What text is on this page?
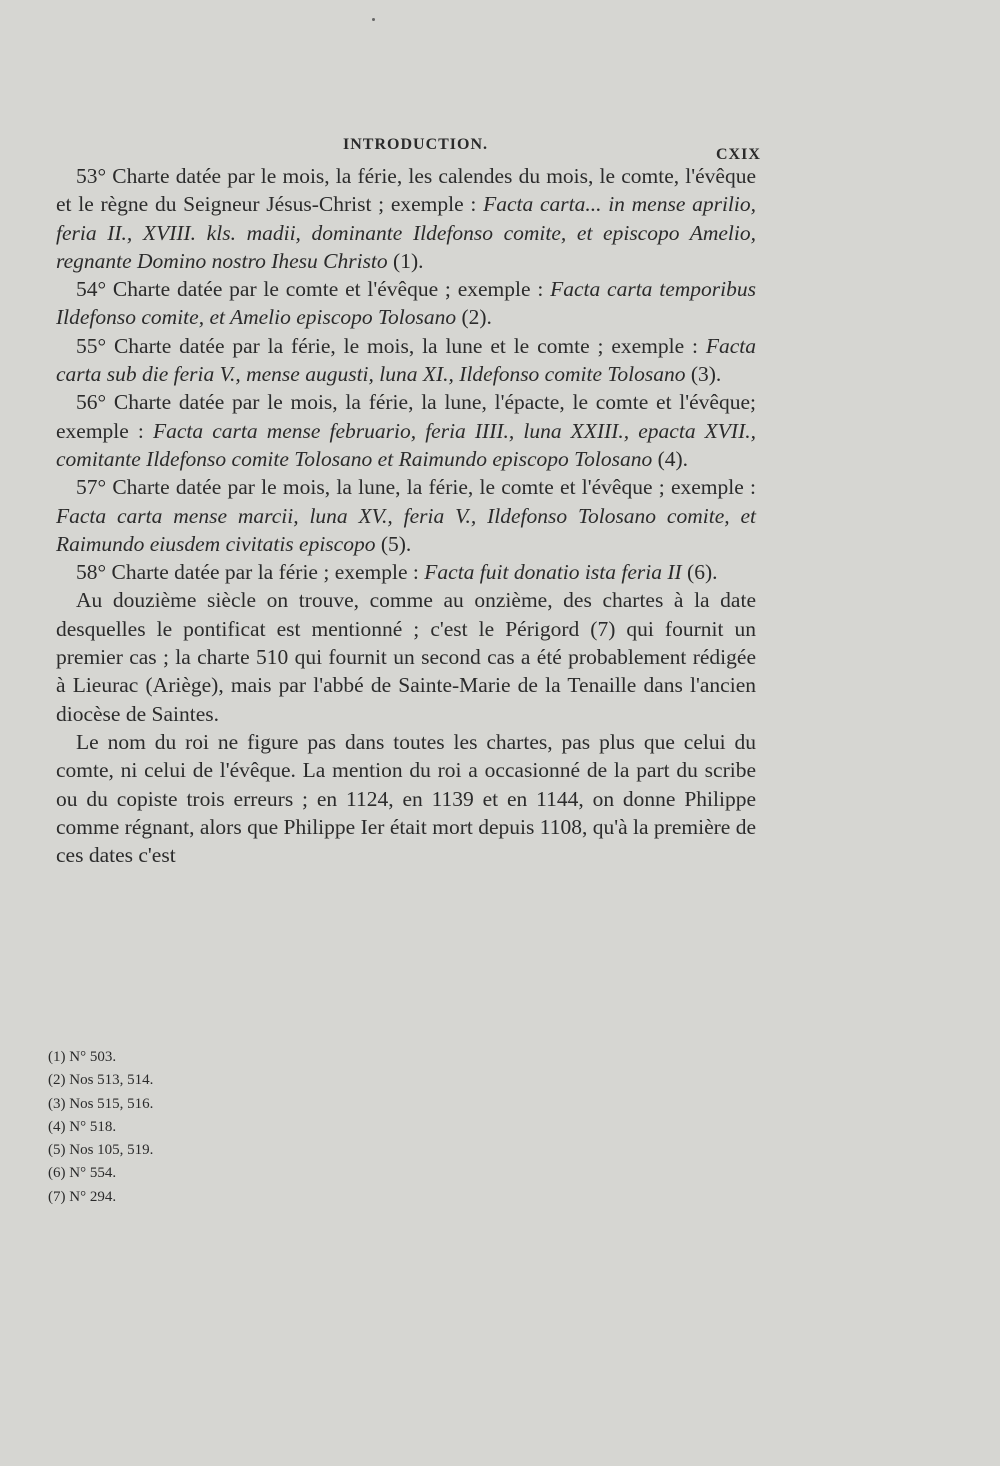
INTRODUCTION.
CXIX

53° Charte datée par le mois, la férie, les calendes du mois, le comte, l'évêque et le règne du Seigneur Jésus-Christ ; exemple : Facta carta... in mense aprilio, feria II., XVIII. kls. madii, dominante Ildefonso comite, et episcopo Amelio, regnante Domino nostro Ihesu Christo (1).

54° Charte datée par le comte et l'évêque ; exemple : Facta carta temporibus Ildefonso comite, et Amelio episcopo Tolosano (2).

55° Charte datée par la férie, le mois, la lune et le comte ; exemple : Facta carta sub die feria V., mense augusti, luna XI., Ildefonso comite Tolosano (3).

56° Charte datée par le mois, la férie, la lune, l'épacte, le comte et l'évêque; exemple : Facta carta mense februario, feria IIII., luna XXIII., epacta XVII., comitante Ildefonso comite Tolosano et Raimundo episcopo Tolosano (4).

57° Charte datée par le mois, la lune, la férie, le comte et l'évêque ; exemple : Facta carta mense marcii, luna XV., feria V., Ildefonso Tolosano comite, et Raimundo eiusdem civitatis episcopo (5).

58° Charte datée par la férie ; exemple : Facta fuit donatio ista feria II (6).

Au douzième siècle on trouve, comme au onzième, des chartes à la date desquelles le pontificat est mentionné ; c'est le Périgord (7) qui fournit un premier cas ; la charte 510 qui fournit un second cas a été probablement rédigée à Lieurac (Ariège), mais par l'abbé de Sainte-Marie de la Tenaille dans l'ancien diocèse de Saintes.

Le nom du roi ne figure pas dans toutes les chartes, pas plus que celui du comte, ni celui de l'évêque. La mention du roi a occasionné de la part du scribe ou du copiste trois erreurs ; en 1124, en 1139 et en 1144, on donne Philippe comme régnant, alors que Philippe Ier était mort depuis 1108, qu'à la première de ces dates c'est

(1) N° 503.
(2) Nos 513, 514.
(3) Nos 515, 516.
(4) N° 518.
(5) Nos 105, 519.
(6) N° 554.
(7) N° 294.
